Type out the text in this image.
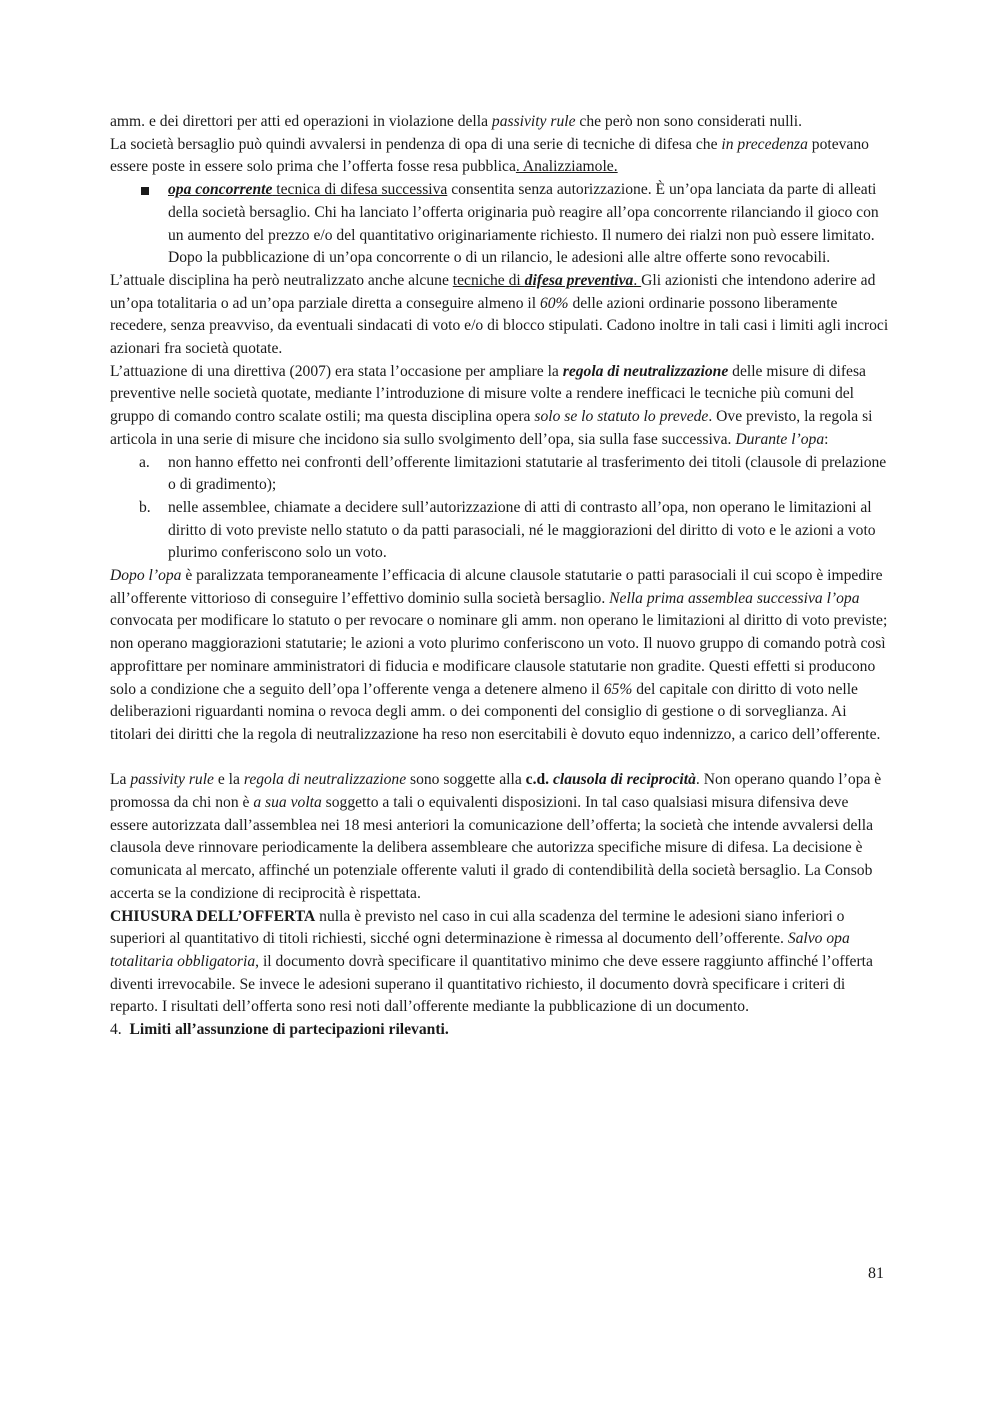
amm. e dei direttori per atti ed operazioni in violazione della passivity rule che però non sono considerati nulli.

La società bersaglio può quindi avvalersi in pendenza di opa di una serie di tecniche di difesa che in precedenza potevano essere poste in essere solo prima che l’offerta fosse resa pubblica. Analizziamole.

opa concorrente tecnica di difesa successiva consentita senza autorizzazione. È un’opa lanciata da parte di alleati della società bersaglio. Chi ha lanciato l’offerta originaria può reagire all’opa concorrente rilanciando il gioco con un aumento del prezzo e/o del quantitativo originariamente richiesto. Il numero dei rialzi non può essere limitato. Dopo la pubblicazione di un’opa concorrente o di un rilancio, le adesioni alle altre offerte sono revocabili.

L’attuale disciplina ha però neutralizzato anche alcune tecniche di difesa preventiva. Gli azionisti che intendono aderire ad un’opa totalitaria o ad un’opa parziale diretta a conseguire almeno il 60% delle azioni ordinarie possono liberamente recedere, senza preavviso, da eventuali sindacati di voto e/o di blocco stipulati. Cadono inoltre in tali casi i limiti agli incroci azionari fra società quotate.

L’attuazione di una direttiva (2007) era stata l’occasione per ampliare la regola di neutralizzazione delle misure di difesa preventive nelle società quotate, mediante l’introduzione di misure volte a rendere inefficaci le tecniche più comuni del gruppo di comando contro scalate ostili; ma questa disciplina opera solo se lo statuto lo prevede. Ove previsto, la regola si articola in una serie di misure che incidono sia sullo svolgimento dell’opa, sia sulla fase successiva. Durante l’opa:

a. non hanno effetto nei confronti dell’offerente limitazioni statutarie al trasferimento dei titoli (clausole di prelazione o di gradimento);
b. nelle assemblee, chiamate a decidere sull’autorizzazione di atti di contrasto all’opa, non operano le limitazioni al diritto di voto previste nello statuto o da patti parasociali, né le maggiorazioni del diritto di voto e le azioni a voto plurimo conferiscono solo un voto.

Dopo l’opa è paralizzata temporaneamente l’efficacia di alcune clausole statutarie o patti parasociali il cui scopo è impedire all’offerente vittorioso di conseguire l’effettivo dominio sulla società bersaglio. Nella prima assemblea successiva l’opa convocata per modificare lo statuto o per revocare o nominare gli amm. non operano le limitazioni al diritto di voto previste; non operano maggiorazioni statutarie; le azioni a voto plurimo conferiscono un voto. Il nuovo gruppo di comando potrà così approfittare per nominare amministratori di fiducia e modificare clausole statutarie non gradite. Questi effetti si producono solo a condizione che a seguito dell’opa l’offerente venga a detenere almeno il 65% del capitale con diritto di voto nelle deliberazioni riguardanti nomina o revoca degli amm. o dei componenti del consiglio di gestione o di sorveglianza. Ai titolari dei diritti che la regola di neutralizzazione ha reso non esercitabili è dovuto equo indennizzo, a carico dell’offerente.

La passivity rule e la regola di neutralizzazione sono soggette alla c.d. clausola di reciprocità. Non operano quando l’opa è promossa da chi non è a sua volta soggetto a tali o equivalenti disposizioni. In tal caso qualsiasi misura difensiva deve essere autorizzata dall’assemblea nei 18 mesi anteriori la comunicazione dell’offerta; la società che intende avvalersi della clausola deve rinnovare periodicamente la delibera assembleare che autorizza specifiche misure di difesa. La decisione è comunicata al mercato, affinché un potenziale offerente valuti il grado di contendibilità della società bersaglio. La Consob accerta se la condizione di reciprocità è rispettata.

CHIUSURA DELL’OFFERTA nulla è previsto nel caso in cui alla scadenza del termine le adesioni siano inferiori o superiori al quantitativo di titoli richiesti, sicché ogni determinazione è rimessa al documento dell’offerente. Salvo opa totalitaria obbligatoria, il documento dovrà specificare il quantitativo minimo che deve essere raggiunto affinché l’offerta diventi irrevocabile. Se invece le adesioni superano il quantitativo richiesto, il documento dovrà specificare i criteri di reparto. I risultati dell’offerta sono resi noti dall’offerente mediante la pubblicazione di un documento.

4. Limiti all’assunzione di partecipazioni rilevanti.

81
